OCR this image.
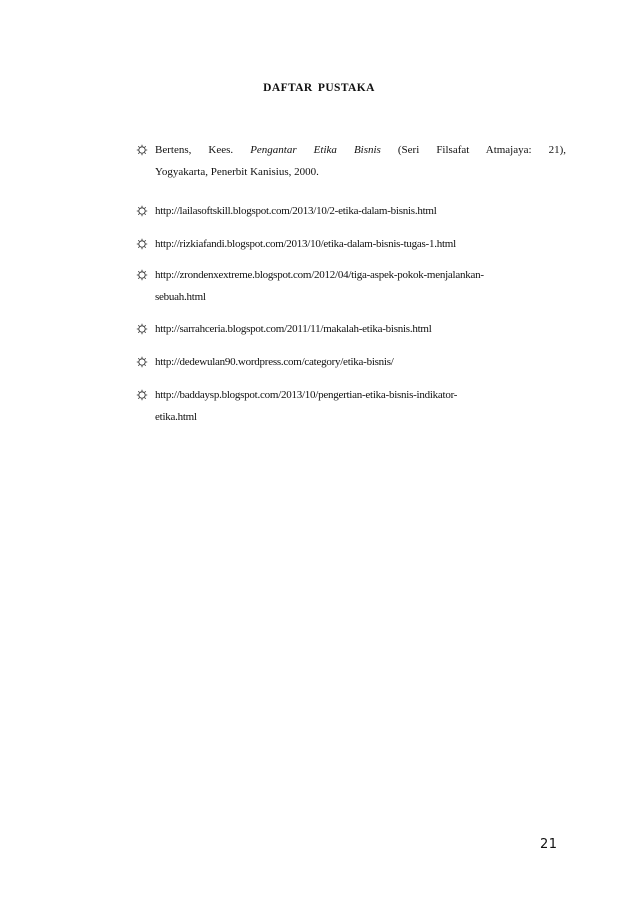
DAFTAR PUSTAKA
Bertens, Kees. Pengantar Etika Bisnis (Seri Filsafat Atmajaya: 21),
Yogyakarta, Penerbit Kanisius, 2000.
http://lailasoftskill.blogspot.com/2013/10/2-etika-dalam-bisnis.html
http://rizkiafandi.blogspot.com/2013/10/etika-dalam-bisnis-tugas-1.html
http://zrondenxextreme.blogspot.com/2012/04/tiga-aspek-pokok-menjalankan-
sebuah.html
http://sarrahceria.blogspot.com/2011/11/makalah-etika-bisnis.html
http://dedewulan90.wordpress.com/category/etika-bisnis/
http://baddaysp.blogspot.com/2013/10/pengertian-etika-bisnis-indikator-
etika.html
21
